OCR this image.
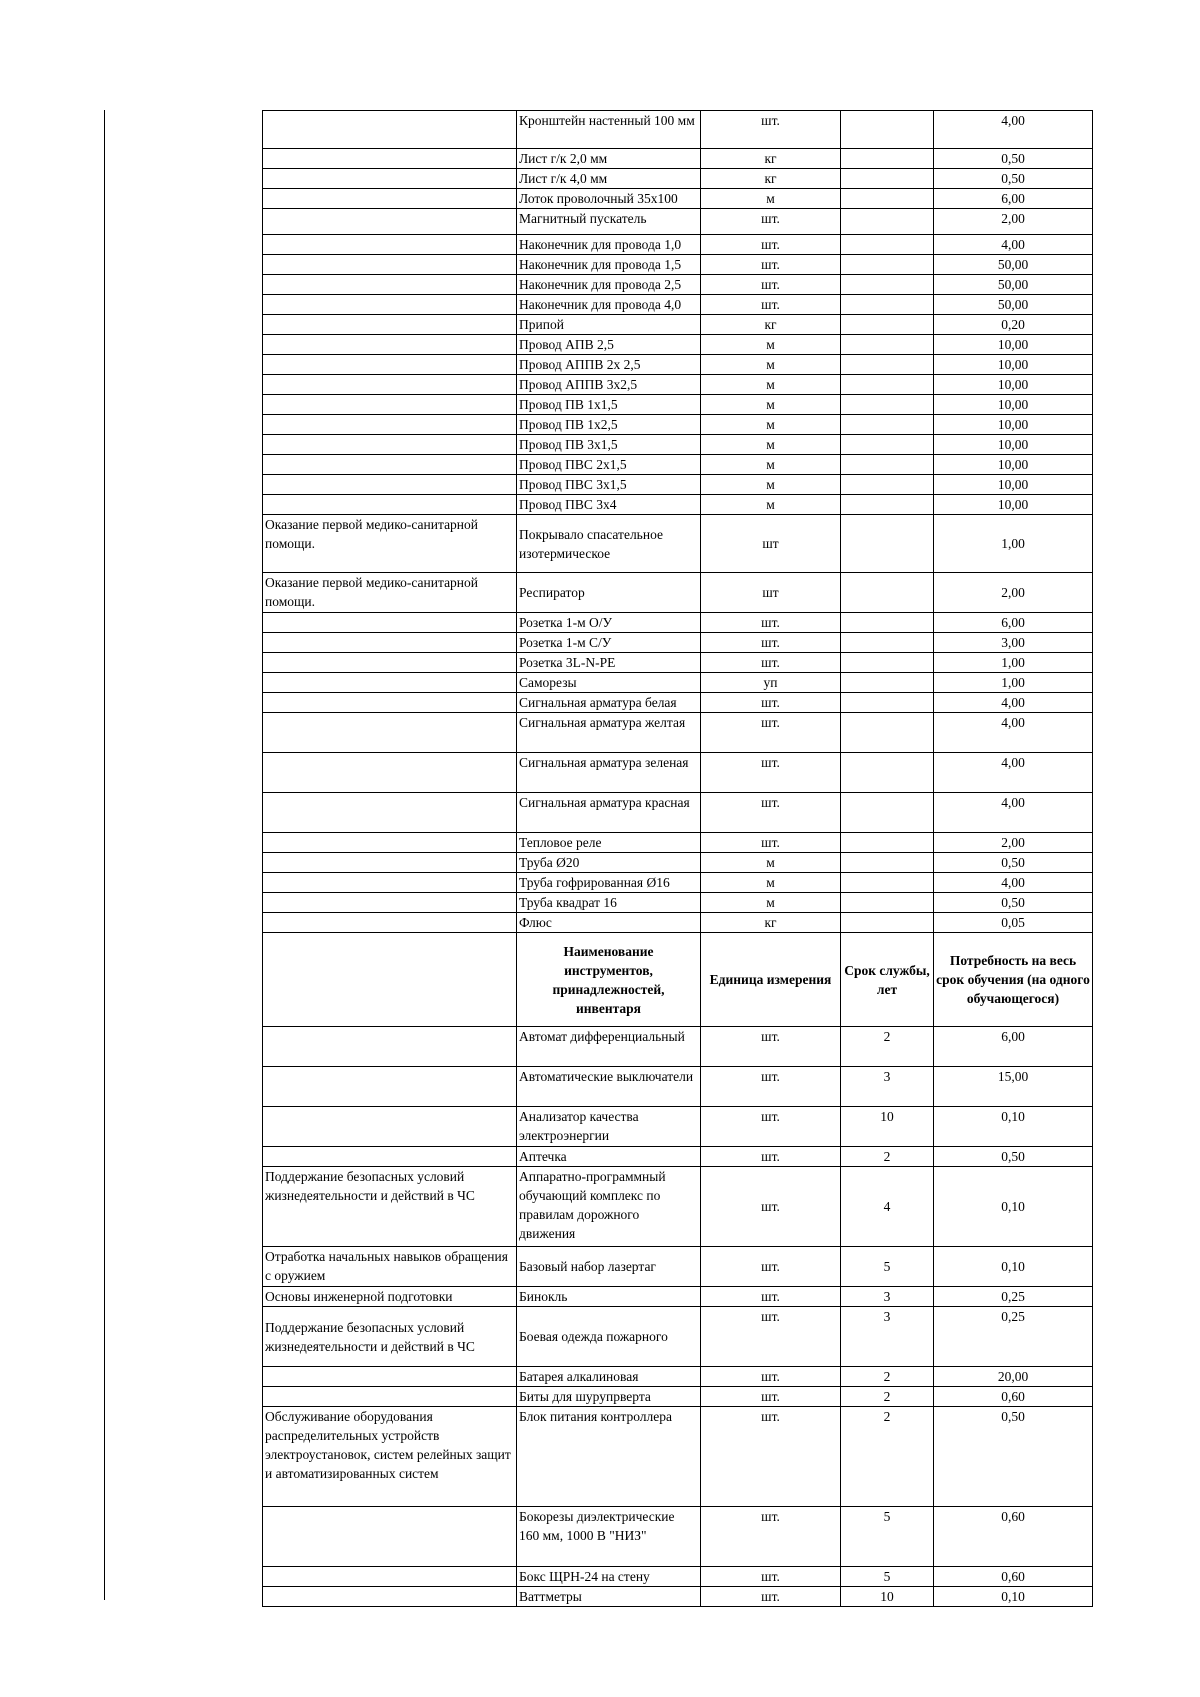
	Кронштейн настенный 100 мм	шт.		4,00
	Лист г/к 2,0 мм	кг		0,50
	Лист г/к 4,0 мм	кг		0,50
	Лоток проволочный 35х100	м		6,00
	Магнитный пускатель	шт.		2,00
	Наконечник для провода 1,0	шт.		4,00
	Наконечник для провода 1,5	шт.		50,00
	Наконечник для провода 2,5	шт.		50,00
	Наконечник для провода 4,0	шт.		50,00
	Припой	кг		0,20
	Провод АПВ 2,5	м		10,00
	Провод АППВ 2х 2,5	м		10,00
	Провод АППВ 3х2,5	м		10,00
	Провод ПВ 1х1,5	м		10,00
	Провод ПВ 1х2,5	м		10,00
	Провод ПВ 3х1,5	м		10,00
	Провод ПВС 2х1,5	м		10,00
	Провод ПВС 3х1,5	м		10,00
	Провод ПВС 3х4	м		10,00
Оказание первой медико-санитарной помощи.	Покрывало спасательное изотермическое	шт		1,00
Оказание первой медико-санитарной помощи.	Респиратор	шт		2,00
	Розетка 1-м О/У	шт.		6,00
	Розетка 1-м С/У	шт.		3,00
	Розетка 3L-N-PE	шт.		1,00
	Саморезы	уп		1,00
	Сигнальная арматура белая	шт.		4,00
	Сигнальная арматура желтая	шт.		4,00
	Сигнальная арматура зеленая	шт.		4,00
	Сигнальная арматура красная	шт.		4,00
	Тепловое реле	шт.		2,00
	Труба Ø20	м		0,50
	Труба гофрированная Ø16	м		4,00
	Труба квадрат 16	м		0,50
	Флюс	кг		0,05
	Наименование инструментов, принадлежностей, инвентаря	Единица измерения	Срок службы, лет	Потребность на весь срок обучения (на одного обучающегося)
	Автомат дифференциальный	шт.	2	6,00
	Автоматические выключатели	шт.	3	15,00
	Анализатор качества электроэнергии	шт.	10	0,10
	Аптечка	шт.	2	0,50
Поддержание безопасных условий жизнедеятельности и действий в ЧС	Аппаратно-программный обучающий комплекс по правилам дорожного движения	шт.	4	0,10
Отработка начальных навыков обращения с оружием	Базовый набор лазертаг	шт.	5	0,10
Основы инженерной подготовки	Бинокль	шт.	3	0,25
Поддержание безопасных условий жизнедеятельности и действий в ЧС	Боевая одежда пожарного	шт.	3	0,25
	Батарея алкалиновая	шт.	2	20,00
	Биты для шурупрверта	шт.	2	0,60
Обслуживание оборудования распределительных устройств электроустановок, систем релейных защит и автоматизированных систем	Блок питания контроллера	шт.	2	0,50
	Бокорезы диэлектрические 160 мм, 1000 В "НИЗ"	шт.	5	0,60
	Бокс ЩРН-24 на стену	шт.	5	0,60
	Ваттметры	шт.	10	0,10
